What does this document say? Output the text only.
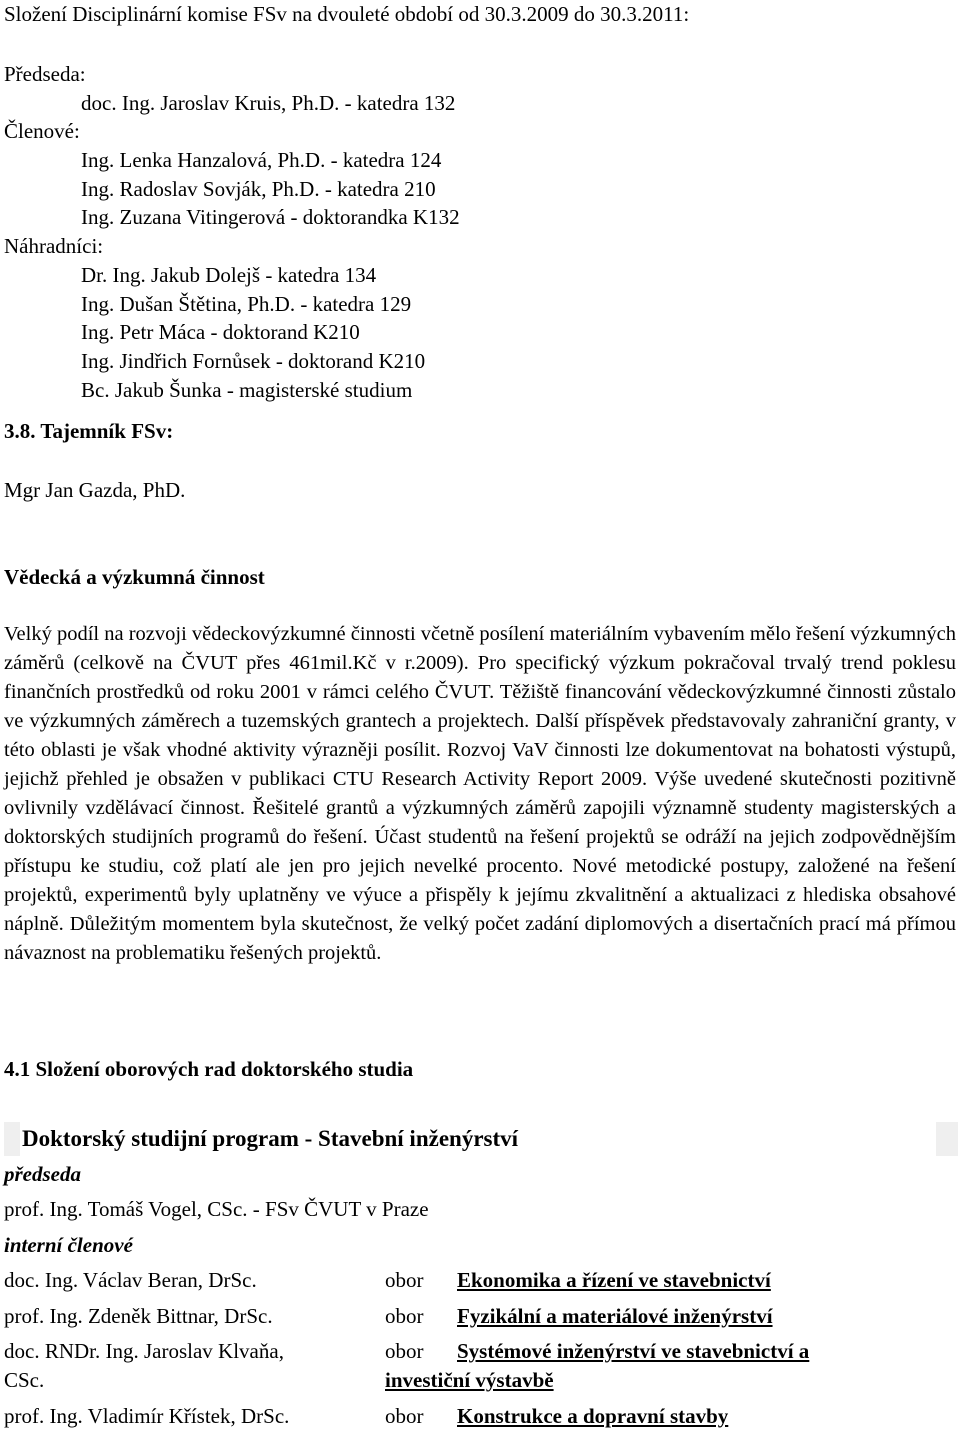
Složení Disciplinární komise FSv na dvouleté období od 30.3.2009 do 30.3.2011:
Předseda:
doc. Ing. Jaroslav Kruis, Ph.D. - katedra 132
Členové:
Ing. Lenka Hanzalová, Ph.D. - katedra 124
Ing. Radoslav Sovják, Ph.D. - katedra 210
Ing. Zuzana Vitingerová - doktorandka K132
Náhradníci:
Dr. Ing. Jakub Dolejš - katedra 134
Ing. Dušan Štětina, Ph.D. - katedra 129
Ing. Petr Máca - doktorand K210
Ing. Jindřich Fornůsek - doktorand K210
Bc. Jakub Šunka - magisterské studium
3.8. Tajemník FSv:
Mgr Jan Gazda, PhD.
Vědecká a výzkumná činnost

Velký podíl na rozvoji vědeckovýzkumné činnosti včetně posílení materiálním vybavením mělo řešení výzkumných záměrů (celkově na ČVUT přes 461mil.Kč v r.2009). Pro specifický výzkum pokračoval trvalý trend poklesu finančních prostředků od roku 2001 v rámci celého ČVUT. Těžiště financování vědeckovýzkumné činnosti zůstalo ve výzkumných záměrech a tuzemských grantech a projektech. Další příspěvek představovaly zahraniční granty, v této oblasti je však vhodné aktivity výrazněji posílit. Rozvoj VaV činnosti lze dokumentovat na bohatosti výstupů, jejichž přehled je obsažen v publikaci CTU Research Activity Report 2009. Výše uvedené skutečnosti pozitivně ovlivnily vzdělávací činnost. Řešitelé grantů a výzkumných záměrů zapojili významně studenty magisterských a doktorských studijních programů do řešení. Účast studentů na řešení projektů se odráží na jejich zodpovědnějším přístupu ke studiu, což platí ale jen pro jejich nevelké procento. Nové metodické postupy, založené na řešení projektů, experimentů byly uplatněny ve výuce a přispěly k jejímu zkvalitnění a aktualizaci z hlediska obsahové náplně. Důležitým momentem byla skutečnost, že velký počet zadání diplomových a disertačních prací má přímou návaznost na problematiku řešených projektů.

4.1 Složení oborových rad doktorského studia
Doktorský studijní program - Stavební inženýrství
předseda
prof. Ing. Tomáš Vogel, CSc. - FSv ČVUT v Praze
interní členové
doc. Ing. Václav Beran, DrSc.	obor Ekonomika a řízení ve stavebnictví
prof. Ing. Zdeněk Bittnar, DrSc.	obor Fyzikální a materiálové inženýrství
doc. RNDr. Ing. Jaroslav Klvaňa,
CSc.
obor Systémové inženýrství ve stavebnictví a
investiční výstavbě
prof. Ing. Vladimír Křístek, DrSc.	obor Konstrukce a dopravní stavby
